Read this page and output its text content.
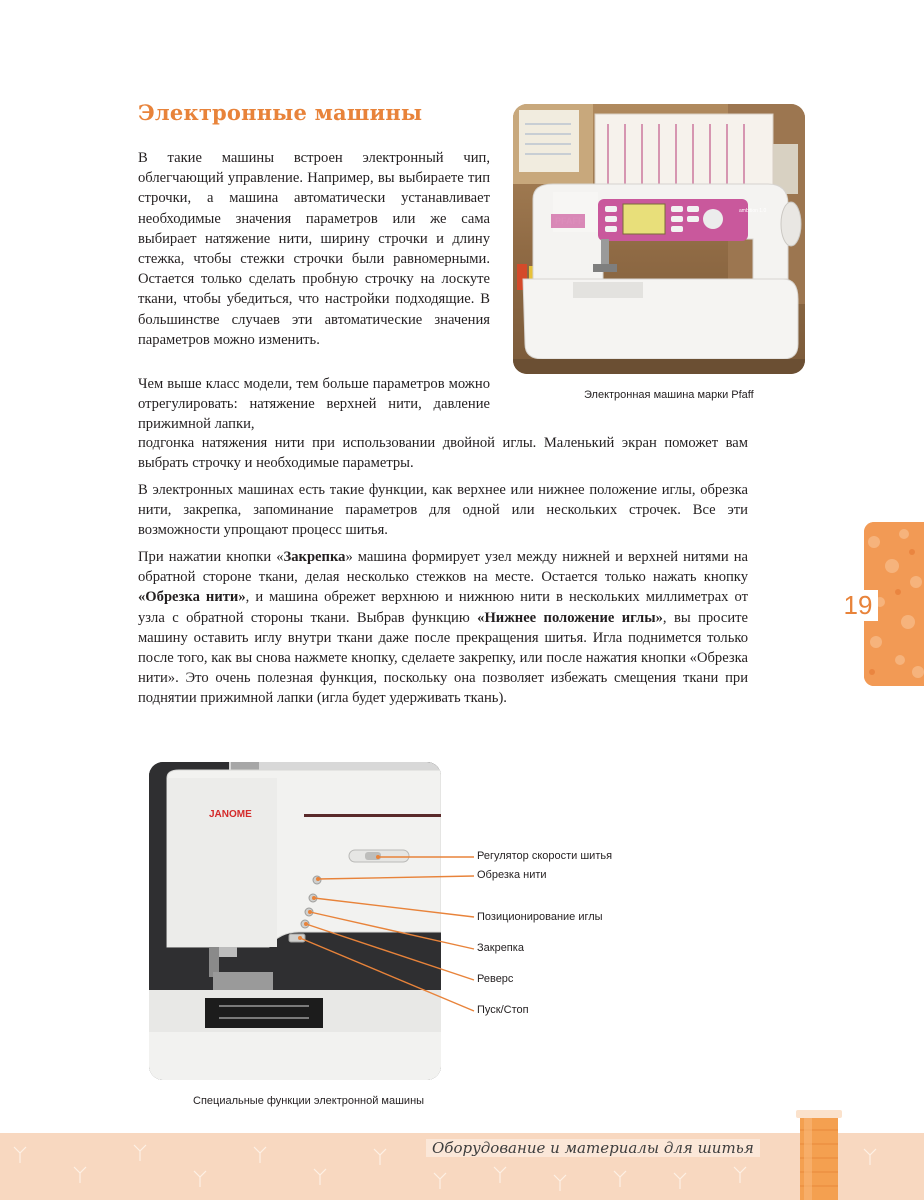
Электронные машины

В такие машины встроен электронный чип, облегчающий управление. Например, вы выбираете тип строчки, а машина автоматически устанавливает необходимые значения параметров или же сама выбирает натяжение нити, ширину строчки и длину стежка, чтобы стежки строчки были равномерными. Остается только сделать пробную строчку на лоскуте ткани, чтобы убедиться, что настройки подходящие. В большинстве случаев эти автоматические значения параметров можно изменить.

Чем выше класс модели, тем больше параметров можно отрегулировать: натяжение верхней нити, давление прижимной лапки,

подгонка натяжения нити при использовании двойной иглы. Маленький экран поможет вам выбрать строчку и необходимые параметры.

В электронных машинах есть такие функции, как верхнее или нижнее положение иглы, обрезка нити, закрепка, запоминание параметров для одной или нескольких строчек. Все эти возможности упрощают процесс шитья.

При нажатии кнопки «Закрепка» машина формирует узел между нижней и верхней нитями на обратной стороне ткани, делая несколько стежков на месте. Остается только нажать кнопку «Обрезка нити», и машина обрежет верхнюю и нижнюю нити в нескольких миллиметрах от узла с обратной стороны ткани. Выбрав функцию «Нижнее положение иглы», вы просите машину оставить иглу внутри ткани даже после прекращения шитья. Игла поднимется только после того, как вы снова нажмете кнопку, сделаете закрепку, или после нажатия кнопки «Обрезка нити». Это очень полезная функция, поскольку она позволяет избежать смещения ткани при поднятии прижимной лапки (игла будет удерживать ткань).

ambition 1.0
Электронная машина марки Pfaff
JANOME
Регулятор скорости шитья
Обрезка нити
Позиционирование иглы
Закрепка
Реверс
Пуск/Стоп
Специальные функции электронной машины
19
Оборудование и материалы для шитья
